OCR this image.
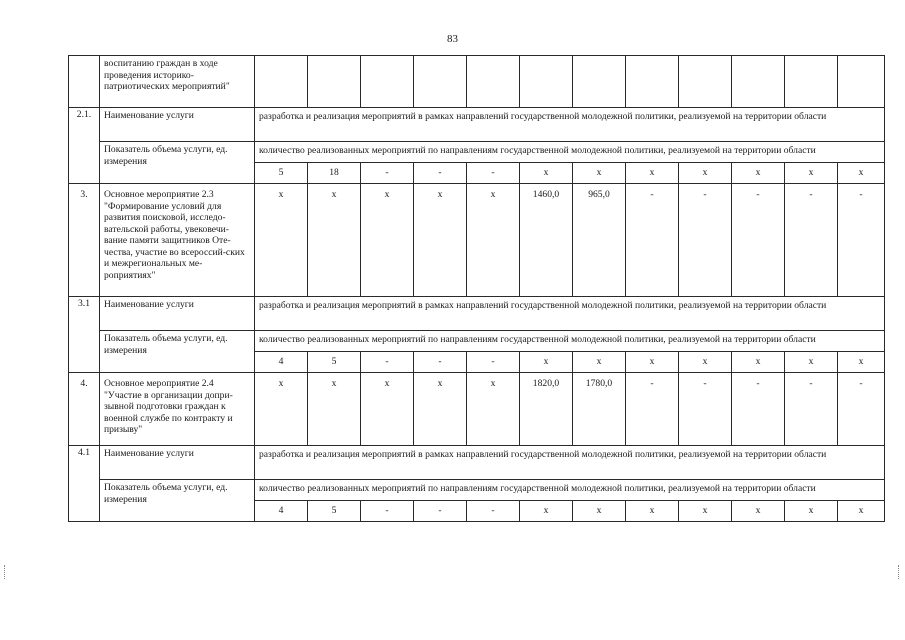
83
	воспитанию граждан в ходе проведения историко-патриотических мероприятий"												
2.1.	Наименование услуги	разработка и реализация мероприятий в рамках направлений государственной молодежной политики, реализуемой на территории области											
	Показатель объема услуги, ед. измерения	количество реализованных мероприятий по направлениям государственной молодежной политики, реализуемой на территории области											
		5	18	-	-	-	x	x	x	x	x	x	x
3.	Основное мероприятие 2.3 "Формирование условий для развития поисковой, исследо-вательской работы, увековечи-вание памяти защитников Оте-чества, участие во всероссий-ских и межрегиональных ме-роприятиях"	x	x	x	x	x	1460,0	965,0	-	-	-	-	-
3.1	Наименование услуги	разработка и реализация мероприятий в рамках направлений государственной молодежной политики, реализуемой на территории области											
	Показатель объема услуги, ед. измерения	количество реализованных мероприятий по направлениям государственной молодежной политики, реализуемой на территории области											
		4	5	-	-	-	x	x	x	x	x	x	x
4.	Основное мероприятие 2.4 "Участие в организации допри-зывной подготовки граждан к военной службе по контракту и призыву"	x	x	x	x	x	1820,0	1780,0	-	-	-	-	-
4.1	Наименование услуги	разработка и реализация мероприятий в рамках направлений государственной молодежной политики, реализуемой на территории области											
	Показатель объема услуги, ед. измерения	количество реализованных мероприятий по направлениям государственной молодежной политики, реализуемой на территории области											
		4	5	-	-	-	x	x	x	x	x	x	x
